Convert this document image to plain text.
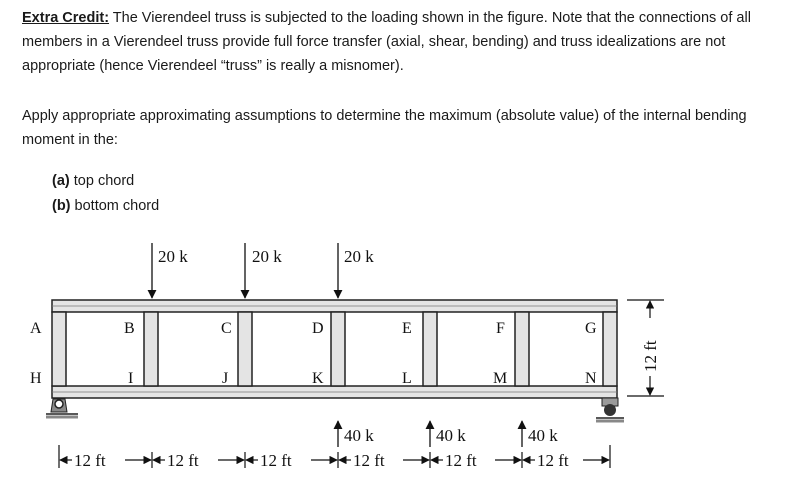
Extra Credit: The Vierendeel truss is subjected to the loading shown in the figure. Note that the connections of all members in a Vierendeel truss provide full force transfer (axial, shear, bending) and truss idealizations are not appropriate (hence Vierendeel “truss” is really a misnomer).
Apply appropriate approximating assumptions to determine the maximum (absolute value) of the internal bending moment in the:
(a) top chord
(b) bottom chord
20 k	20 k	20 k
A	B	C	D	E	F	G
H	I	J	K	L	M	N
40 k	40 k	40 k
12 ft	12 ft	12 ft	12 ft	12 ft	12 ft
12 ft
